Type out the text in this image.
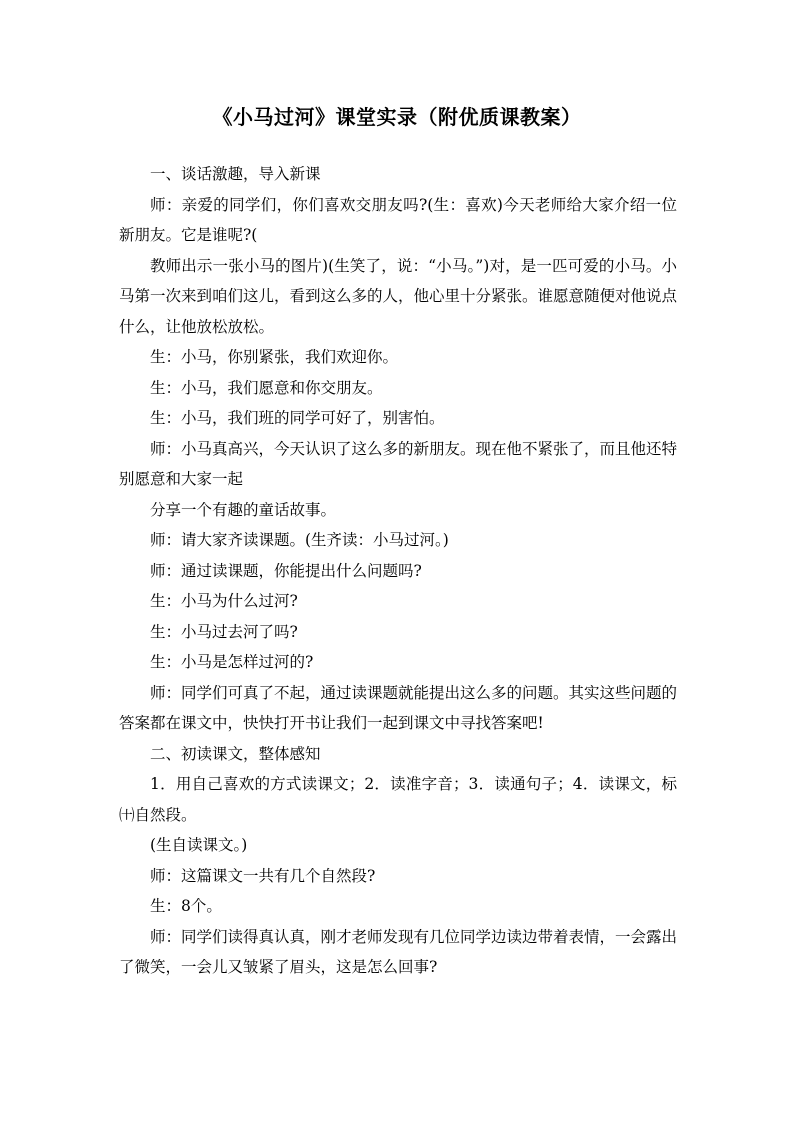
《小马过河》课堂实录（附优质课教案）

一、谈话激趣，导入新课

师：亲爱的同学们，你们喜欢交朋友吗?(生：喜欢)今天老师给大家介绍一位新朋友。它是谁呢?(

教师出示一张小马的图片)(生笑了，说：“小马。”)对，是一匹可爱的小马。小马第一次来到咱们这儿，看到这么多的人，他心里十分紧张。谁愿意随便对他说点什么，让他放松放松。

生：小马，你别紧张，我们欢迎你。

生：小马，我们愿意和你交朋友。

生：小马，我们班的同学可好了，别害怕。

师：小马真高兴，今天认识了这么多的新朋友。现在他不紧张了，而且他还特别愿意和大家一起

分享一个有趣的童话故事。

师：请大家齐读课题。(生齐读：小马过河。)

师：通过读课题，你能提出什么问题吗?

生：小马为什么过河?

生：小马过去河了吗?

生：小马是怎样过河的?

师：同学们可真了不起，通过读课题就能提出这么多的问题。其实这些问题的答案都在课文中，快快打开书让我们一起到课文中寻找答案吧!

二、初读课文，整体感知

1．用自己喜欢的方式读课文；2．读准字音；3．读通句子；4．读课文，标㈩自然段。

(生自读课文。)

师：这篇课文一共有几个自然段?

生：8个。

师：同学们读得真认真，刚才老师发现有几位同学边读边带着表情，一会露出了微笑，一会儿又皱紧了眉头，这是怎么回事?
